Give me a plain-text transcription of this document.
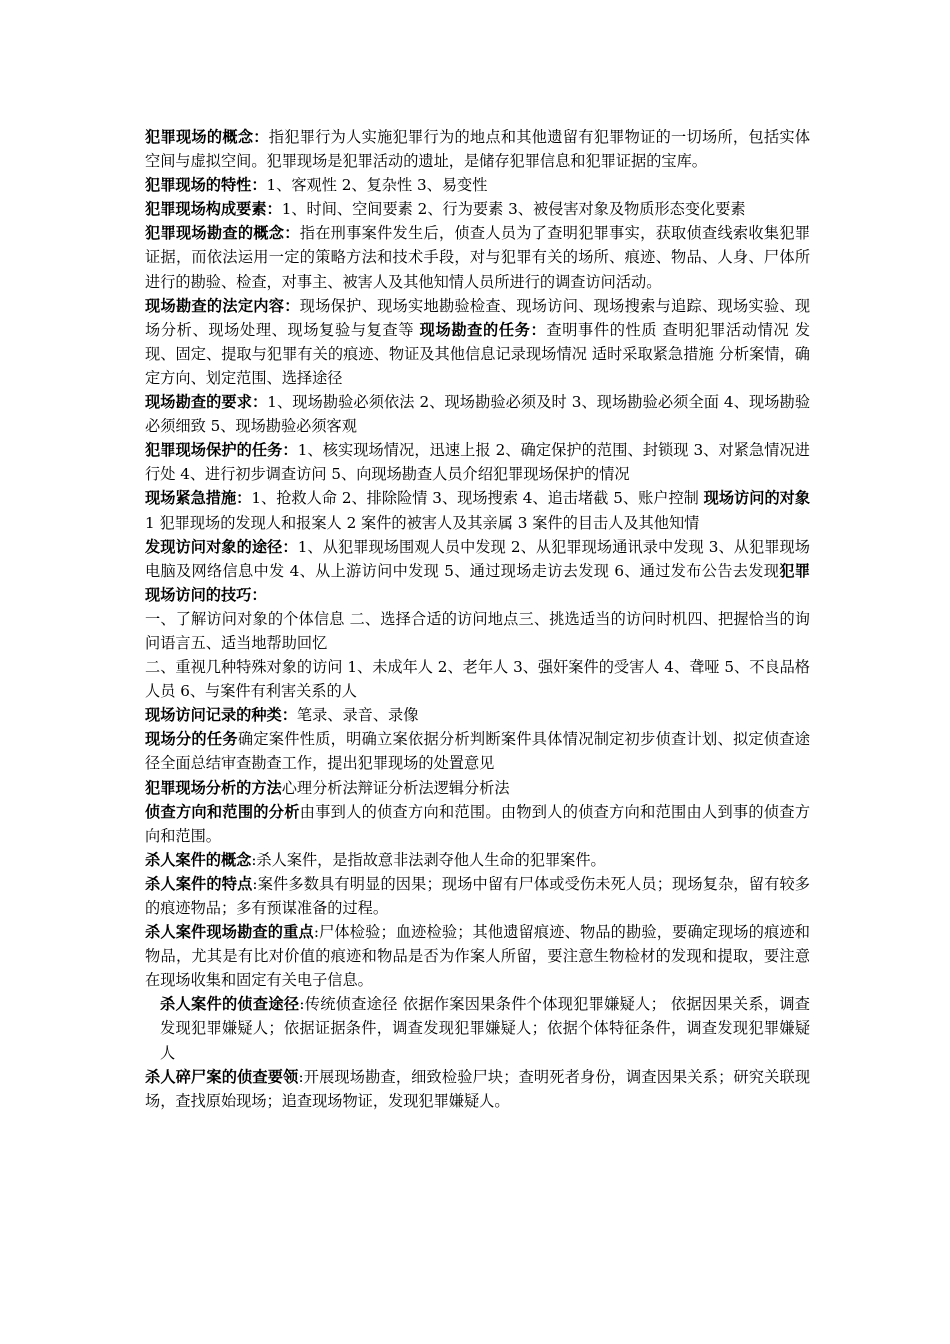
犯罪现场的概念：指犯罪行为人实施犯罪行为的地点和其他遗留有犯罪物证的一切场所，包括实体空间与虚拟空间。犯罪现场是犯罪活动的遗址，是储存犯罪信息和犯罪证据的宝库。

犯罪现场的特性：1、客观性 2、复杂性 3、易变性

犯罪现场构成要素：1、时间、空间要素 2、行为要素 3、被侵害对象及物质形态变化要素

犯罪现场勘查的概念：指在刑事案件发生后，侦查人员为了查明犯罪事实，获取侦查线索收集犯罪证据，而依法运用一定的策略方法和技术手段，对与犯罪有关的场所、痕迹、物品、人身、尸体所进行的勘验、检查，对事主、被害人及其他知情人员所进行的调查访问活动。

现场勘查的法定内容：现场保护、现场实地勘验检查、现场访问、现场搜索与追踪、现场实验、现场分析、现场处理、现场复验与复查等 现场勘查的任务：查明事件的性质 查明犯罪活动情况 发现、固定、提取与犯罪有关的痕迹、物证及其他信息记录现场情况 适时采取紧急措施 分析案情，确定方向、划定范围、选择途径

现场勘查的要求：1、现场勘验必须依法 2、现场勘验必须及时 3、现场勘验必须全面 4、现场勘验必须细致 5、现场勘验必须客观

犯罪现场保护的任务：1、核实现场情况，迅速上报 2、确定保护的范围、封锁现 3、对紧急情况进行处 4、进行初步调查访问 5、向现场勘查人员介绍犯罪现场保护的情况

现场紧急措施：1、抢救人命 2、排除险情 3、现场搜索 4、追击堵截 5、账户控制 现场访问的对象1 犯罪现场的发现人和报案人 2 案件的被害人及其亲属 3 案件的目击人及其他知情

发现访问对象的途径：1、从犯罪现场围观人员中发现 2、从犯罪现场通讯录中发现 3、从犯罪现场电脑及网络信息中发 4、从上游访问中发现 5、通过现场走访去发现 6、通过发布公告去发现犯罪现场访问的技巧：

一、了解访问对象的个体信息 二、选择合适的访问地点三、挑选适当的访问时机四、把握恰当的询问语言五、适当地帮助回忆

二、重视几种特殊对象的访问 1、未成年人 2、老年人 3、强奸案件的受害人 4、聋哑 5、不良品格人员 6、与案件有利害关系的人

现场访问记录的种类：笔录、录音、录像

现场分的任务确定案件性质，明确立案依据分析判断案件具体情况制定初步侦查计划、拟定侦查途径全面总结审查勘查工作，提出犯罪现场的处置意见

犯罪现场分析的方法心理分析法辩证分析法逻辑分析法

侦查方向和范围的分析由事到人的侦查方向和范围。由物到人的侦查方向和范围由人到事的侦查方向和范围。

杀人案件的概念:杀人案件，是指故意非法剥夺他人生命的犯罪案件。

杀人案件的特点:案件多数具有明显的因果；现场中留有尸体或受伤未死人员；现场复杂，留有较多的痕迹物品；多有预谋准备的过程。

杀人案件现场勘查的重点:尸体检验；血迹检验；其他遗留痕迹、物品的勘验，要确定现场的痕迹和物品，尤其是有比对价值的痕迹和物品是否为作案人所留，要注意生物检材的发现和提取，要注意在现场收集和固定有关电子信息。

杀人案件的侦查途径:传统侦查途径 依据作案因果条件个体现犯罪嫌疑人； 依据因果关系，调查发现犯罪嫌疑人；依据证据条件，调查发现犯罪嫌疑人；依据个体特征条件，调查发现犯罪嫌疑人

杀人碎尸案的侦查要领:开展现场勘查，细致检验尸块；查明死者身份，调查因果关系；研究关联现场，查找原始现场；追查现场物证，发现犯罪嫌疑人。
